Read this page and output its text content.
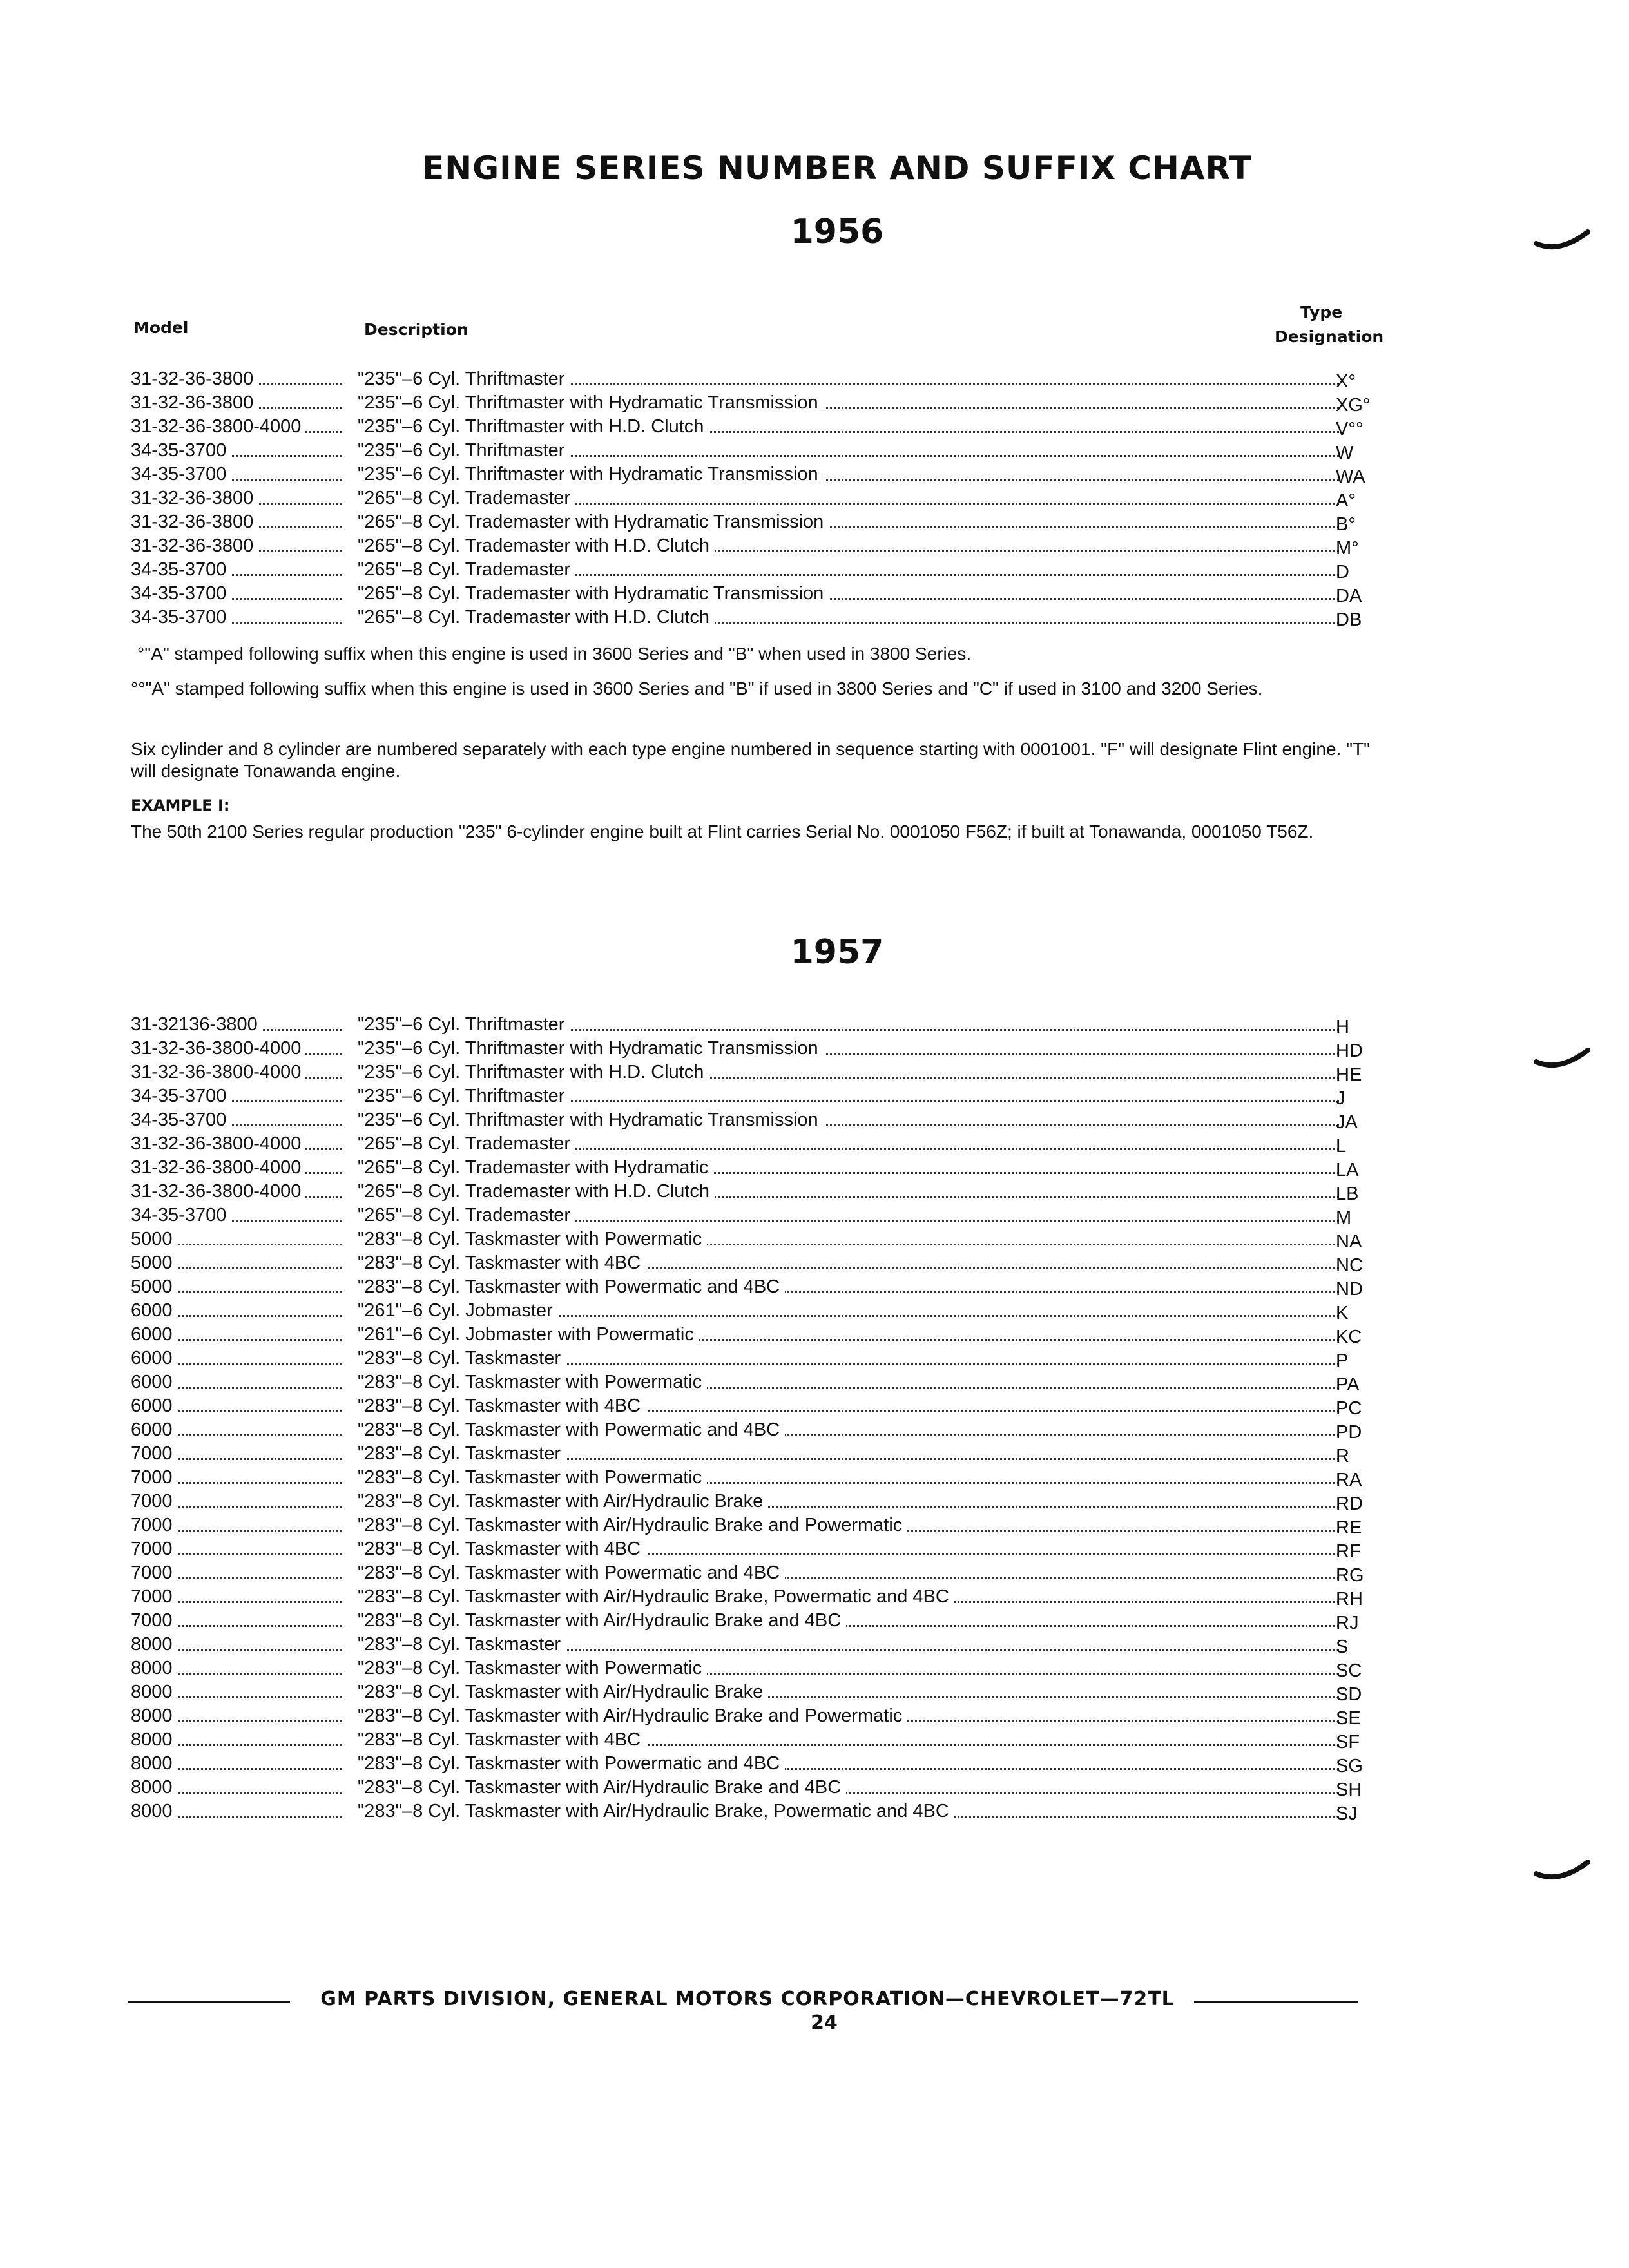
ENGINE SERIES NUMBER AND SUFFIX CHART
1956
Model	Description
Type
Designation
31-32-36-3800	"235"–6 Cyl. Thriftmaster	X°
31-32-36-3800	"235"–6 Cyl. Thriftmaster with Hydramatic Transmission	XG°
31-32-36-3800-4000	"235"–6 Cyl. Thriftmaster with H.D. Clutch	V°°
34-35-3700	"235"–6 Cyl. Thriftmaster	W
34-35-3700	"235"–6 Cyl. Thriftmaster with Hydramatic Transmission	WA
31-32-36-3800	"265"–8 Cyl. Trademaster	A°
31-32-36-3800	"265"–8 Cyl. Trademaster with Hydramatic Transmission	B°
31-32-36-3800	"265"–8 Cyl. Trademaster with H.D. Clutch	M°
34-35-3700	"265"–8 Cyl. Trademaster	D
34-35-3700	"265"–8 Cyl. Trademaster with Hydramatic Transmission	DA
34-35-3700	"265"–8 Cyl. Trademaster with H.D. Clutch	DB
°"A" stamped following suffix when this engine is used in 3600 Series and "B" when used in 3800 Series.
°°"A" stamped following suffix when this engine is used in 3600 Series and "B" if used in 3800 Series and "C" if used in 3100 and 3200 Series.
Six cylinder and 8 cylinder are numbered separately with each type engine numbered in sequence starting with 0001001. "F" will designate Flint engine. "T" will designate Tonawanda engine.
EXAMPLE I:
The 50th 2100 Series regular production "235" 6-cylinder engine built at Flint carries Serial No. 0001050 F56Z; if built at Tonawanda, 0001050 T56Z.
1957
31-32136-3800	"235"–6 Cyl. Thriftmaster	H
31-32-36-3800-4000	"235"–6 Cyl. Thriftmaster with Hydramatic Transmission	HD
31-32-36-3800-4000	"235"–6 Cyl. Thriftmaster with H.D. Clutch	HE
34-35-3700	"235"–6 Cyl. Thriftmaster	J
34-35-3700	"235"–6 Cyl. Thriftmaster with Hydramatic Transmission	JA
31-32-36-3800-4000	"265"–8 Cyl. Trademaster	L
31-32-36-3800-4000	"265"–8 Cyl. Trademaster with Hydramatic	LA
31-32-36-3800-4000	"265"–8 Cyl. Trademaster with H.D. Clutch	LB
34-35-3700	"265"–8 Cyl. Trademaster	M
5000	"283"–8 Cyl. Taskmaster with Powermatic	NA
5000	"283"–8 Cyl. Taskmaster with 4BC	NC
5000	"283"–8 Cyl. Taskmaster with Powermatic and 4BC	ND
6000	"261"–6 Cyl. Jobmaster	K
6000	"261"–6 Cyl. Jobmaster with Powermatic	KC
6000	"283"–8 Cyl. Taskmaster	P
6000	"283"–8 Cyl. Taskmaster with Powermatic	PA
6000	"283"–8 Cyl. Taskmaster with 4BC	PC
6000	"283"–8 Cyl. Taskmaster with Powermatic and 4BC	PD
7000	"283"–8 Cyl. Taskmaster	R
7000	"283"–8 Cyl. Taskmaster with Powermatic	RA
7000	"283"–8 Cyl. Taskmaster with Air/Hydraulic Brake	RD
7000	"283"–8 Cyl. Taskmaster with Air/Hydraulic Brake and Powermatic	RE
7000	"283"–8 Cyl. Taskmaster with 4BC	RF
7000	"283"–8 Cyl. Taskmaster with Powermatic and 4BC	RG
7000	"283"–8 Cyl. Taskmaster with Air/Hydraulic Brake, Powermatic and 4BC	RH
7000	"283"–8 Cyl. Taskmaster with Air/Hydraulic Brake and 4BC	RJ
8000	"283"–8 Cyl. Taskmaster	S
8000	"283"–8 Cyl. Taskmaster with Powermatic	SC
8000	"283"–8 Cyl. Taskmaster with Air/Hydraulic Brake	SD
8000	"283"–8 Cyl. Taskmaster with Air/Hydraulic Brake and Powermatic	SE
8000	"283"–8 Cyl. Taskmaster with 4BC	SF
8000	"283"–8 Cyl. Taskmaster with Powermatic and 4BC	SG
8000	"283"–8 Cyl. Taskmaster with Air/Hydraulic Brake and 4BC	SH
8000	"283"–8 Cyl. Taskmaster with Air/Hydraulic Brake, Powermatic and 4BC	SJ
GM PARTS DIVISION, GENERAL MOTORS CORPORATION—CHEVROLET—72TL
24
